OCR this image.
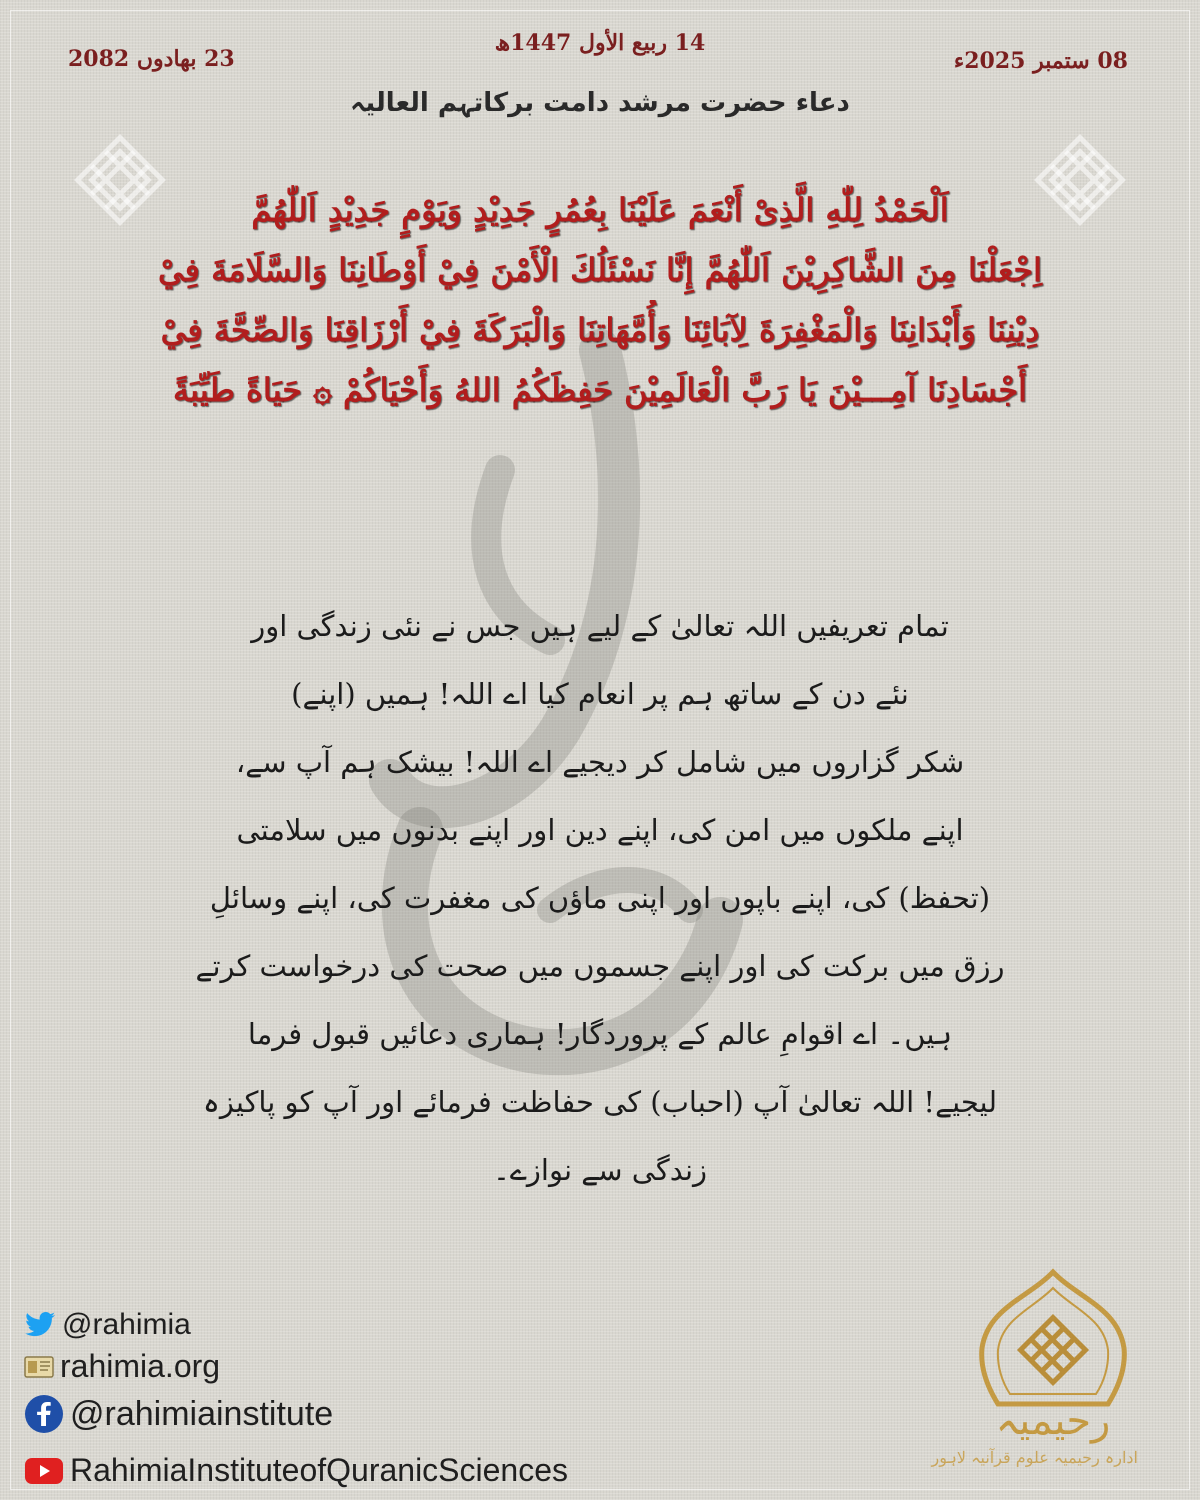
14 ربیع الأول 1447ھ
08 ستمبر 2025ء
23 بھادوں 2082
دعاء حضرت مرشد دامت برکاتہم العالیہ
اَلْحَمْدُ لِلّٰهِ الَّذِیْ أَنْعَمَ عَلَيْنَا بِعُمُرٍ جَدِيْدٍ وَيَوْمٍ جَدِيْدٍ اَللّٰهُمَّ
اِجْعَلْنَا مِنَ الشَّاكِرِيْنَ اَللّٰهُمَّ إِنَّا نَسْئَلُكَ الْأَمْنَ فِيْ أَوْطَانِنَا وَالسَّلَامَةَ فِيْ
دِيْنِنَا وَأَبْدَانِنَا وَالْمَغْفِرَةَ لِآبَائِنَا وَأُمَّهَاتِنَا وَالْبَرَكَةَ فِيْ أَرْزَاقِنَا وَالصِّحَّةَ فِيْ
أَجْسَادِنَا آمِـــيْنَ يَا رَبَّ الْعَالَمِيْنَ حَفِظَكُمُ اللهُ وَأَحْيَاكُمْ ۞ حَيَاةً طَيِّبَةً
تمام تعریفیں اللہ تعالیٰ کے لیے ہیں جس نے نئی زندگی اور
نئے دن کے ساتھ ہم پر انعام کیا اے اللہ! ہمیں (اپنے)
شکر گزاروں میں شامل کر دیجیے اے اللہ! بیشک ہم آپ سے،
اپنے ملکوں میں امن کی، اپنے دین اور اپنے بدنوں میں سلامتی
(تحفظ) کی، اپنے باپوں اور اپنی ماؤں کی مغفرت کی، اپنے وسائلِ
رزق میں برکت کی اور اپنے جسموں میں صحت کی درخواست کرتے
ہیں۔ اے اقوامِ عالم کے پروردگار! ہماری دعائیں قبول فرما
لیجیے! اللہ تعالیٰ آپ (احباب) کی حفاظت فرمائے اور آپ کو پاکیزہ
زندگی سے نوازے۔
@rahimia
rahimia.org
@rahimiainstitute
RahimiaInstituteofQuranicSciences
رحیمیہ
ادارہ رحیمیہ علوم قرآنیہ لاہور
